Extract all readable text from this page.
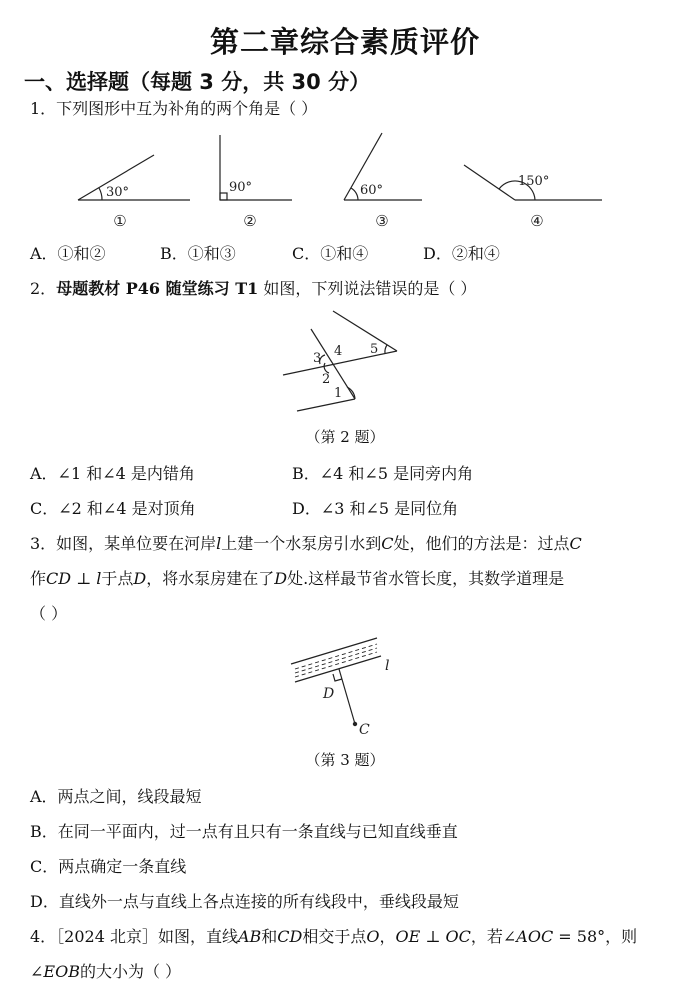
第二章综合素质评价
一、选择题（每题 3 分，共 30 分）
1．下列图形中互为补角的两个角是（ ）
30°	90°	60°
150°
①	②	③	④
A．①和②	B．①和③	C．①和④	D．②和④
2．母题教材 P46 随堂练习 T1 如图，下列说法错误的是（ ）
1
2
3 4 5
（第 2 题）
A．∠1 和∠4 是内错角	B．∠4 和∠5 是同旁内角
C．∠2 和∠4 是对顶角	D．∠3 和∠5 是同位角
3．如图，某单位要在河岸𝑙上建一个水泵房引水到𝐶处，他们的方法是：过点𝐶
作𝐶𝐷 ⊥ 𝑙于点𝐷，将水泵房建在了𝐷处.这样最节省水管长度，其数学道理是
（ ）
l
D
C
（第 3 题）
A．两点之间，线段最短
B．在同一平面内，过一点有且只有一条直线与已知直线垂直
C．两点确定一条直线
D．直线外一点与直线上各点连接的所有线段中，垂线段最短
4．［2024 北京］如图，直线𝐴𝐵和𝐶𝐷相交于点𝑂，𝑂𝐸 ⊥ 𝑂𝐶，若∠𝐴𝑂𝐶 = 58°，则
∠𝐸𝑂𝐵的大小为（ ）
